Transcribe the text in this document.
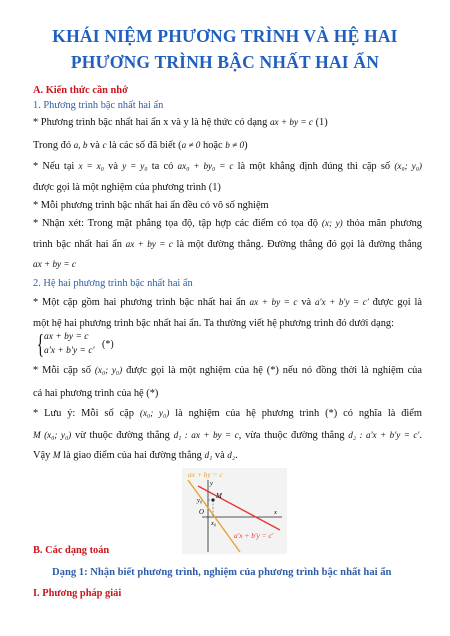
KHÁI NIỆM PHƯƠNG TRÌNH VÀ HỆ HAI
PHƯƠNG TRÌNH BẬC NHẤT HAI ẨN
A. Kiến thức cần nhớ
1. Phương trình bậc nhất hai ẩn
* Phương trình bậc nhất hai ẩn x và y là hệ thức có dạng ax + by = c (1)
Trong đó a, b và c là các số đã biết (a ≠ 0 hoặc b ≠ 0)
* Nếu tại x = x₀ và y = y₀ ta có ax₀ + by₀ = c là một khẳng định đúng thì cặp số (x₀; y₀)
được gọi là một nghiệm của phương trình (1)
* Mỗi phương trình bậc nhất hai ẩn đều có vô số nghiệm
* Nhận xét: Trong mặt phẳng tọa độ, tập hợp các điểm có tọa độ (x; y) thỏa mãn phương
trình bậc nhất hai ẩn ax + by = c là một đường thẳng. Đường thẳng đó gọi là đường thẳng
ax + by = c
2. Hệ hai phương trình bậc nhất hai ẩn
* Một cặp gồm hai phương trình bậc nhất hai ẩn ax + by = c và a'x + b'y = c' được gọi là
một hệ hai phương trình bậc nhất hai ẩn. Ta thường viết hệ phương trình đó dưới dạng:
{ ax + by = c
a'x + b'y = c'
(*)
* Mỗi cặp số (x₀; y₀) được gọi là một nghiệm của hệ (*) nếu nó đồng thời là nghiệm của
cả hai phương trình của hệ (*)
* Lưu ý: Mỗi số cặp (x₀; y₀) là nghiệm của hệ phương trình (*) có nghĩa là điểm
M (x₀; y₀) vừ thuộc đường thẳng d₁ : ax + by = c, vừa thuộc đường thẳng d₂ : a'x + b'y = c'.
Vậy M là giao điểm của hai đường thẳng d₁ và d₂.
ax + by = c
a'x + b'y = c'
y
x
y₀
x₀
O
M
B. Các dạng toán
Dạng 1: Nhận biết phương trình, nghiệm của phương trình bậc nhất hai ẩn
I. Phương pháp giải
